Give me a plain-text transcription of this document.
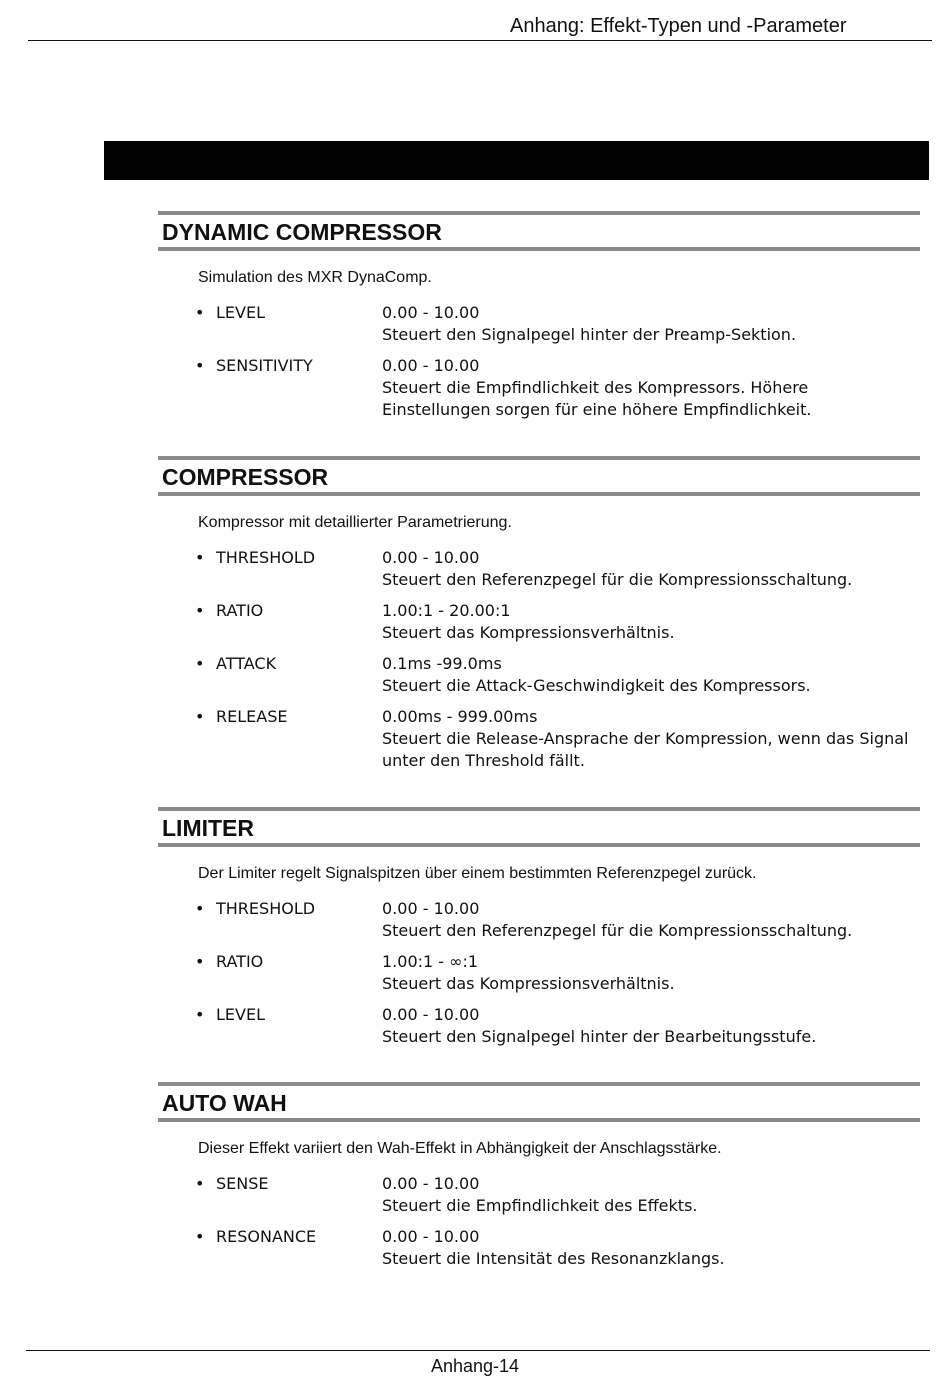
Anhang: Effekt-Typen und -Parameter
DYNAMIC COMPRESSOR
Simulation des MXR DynaComp.
• LEVEL	0.00 - 10.00
Steuert den Signalpegel hinter der Preamp-Sektion.
• SENSITIVITY	0.00 - 10.00
Steuert die Empfindlichkeit des Kompressors. Höhere Einstellungen sorgen für eine höhere Empfindlichkeit.
COMPRESSOR
Kompressor mit detaillierter Parametrierung.
• THRESHOLD	0.00 - 10.00
Steuert den Referenzpegel für die Kompressionsschaltung.
• RATIO	1.00:1 - 20.00:1
Steuert das Kompressionsverhältnis.
• ATTACK	0.1ms -99.0ms
Steuert die Attack-Geschwindigkeit des Kompressors.
• RELEASE	0.00ms - 999.00ms
Steuert die Release-Ansprache der Kompression, wenn das Signal unter den Threshold fällt.
LIMITER
Der Limiter regelt Signalspitzen über einem bestimmten Referenzpegel zurück.
• THRESHOLD	0.00 - 10.00
Steuert den Referenzpegel für die Kompressionsschaltung.
• RATIO	1.00:1 - ∞:1
Steuert das Kompressionsverhältnis.
• LEVEL	0.00 - 10.00
Steuert den Signalpegel hinter der Bearbeitungsstufe.
AUTO WAH
Dieser Effekt variiert den Wah-Effekt in Abhängigkeit der Anschlagsstärke.
• SENSE	0.00 - 10.00
Steuert die Empfindlichkeit des Effekts.
• RESONANCE	0.00 - 10.00
Steuert die Intensität des Resonanzklangs.
Anhang-14
